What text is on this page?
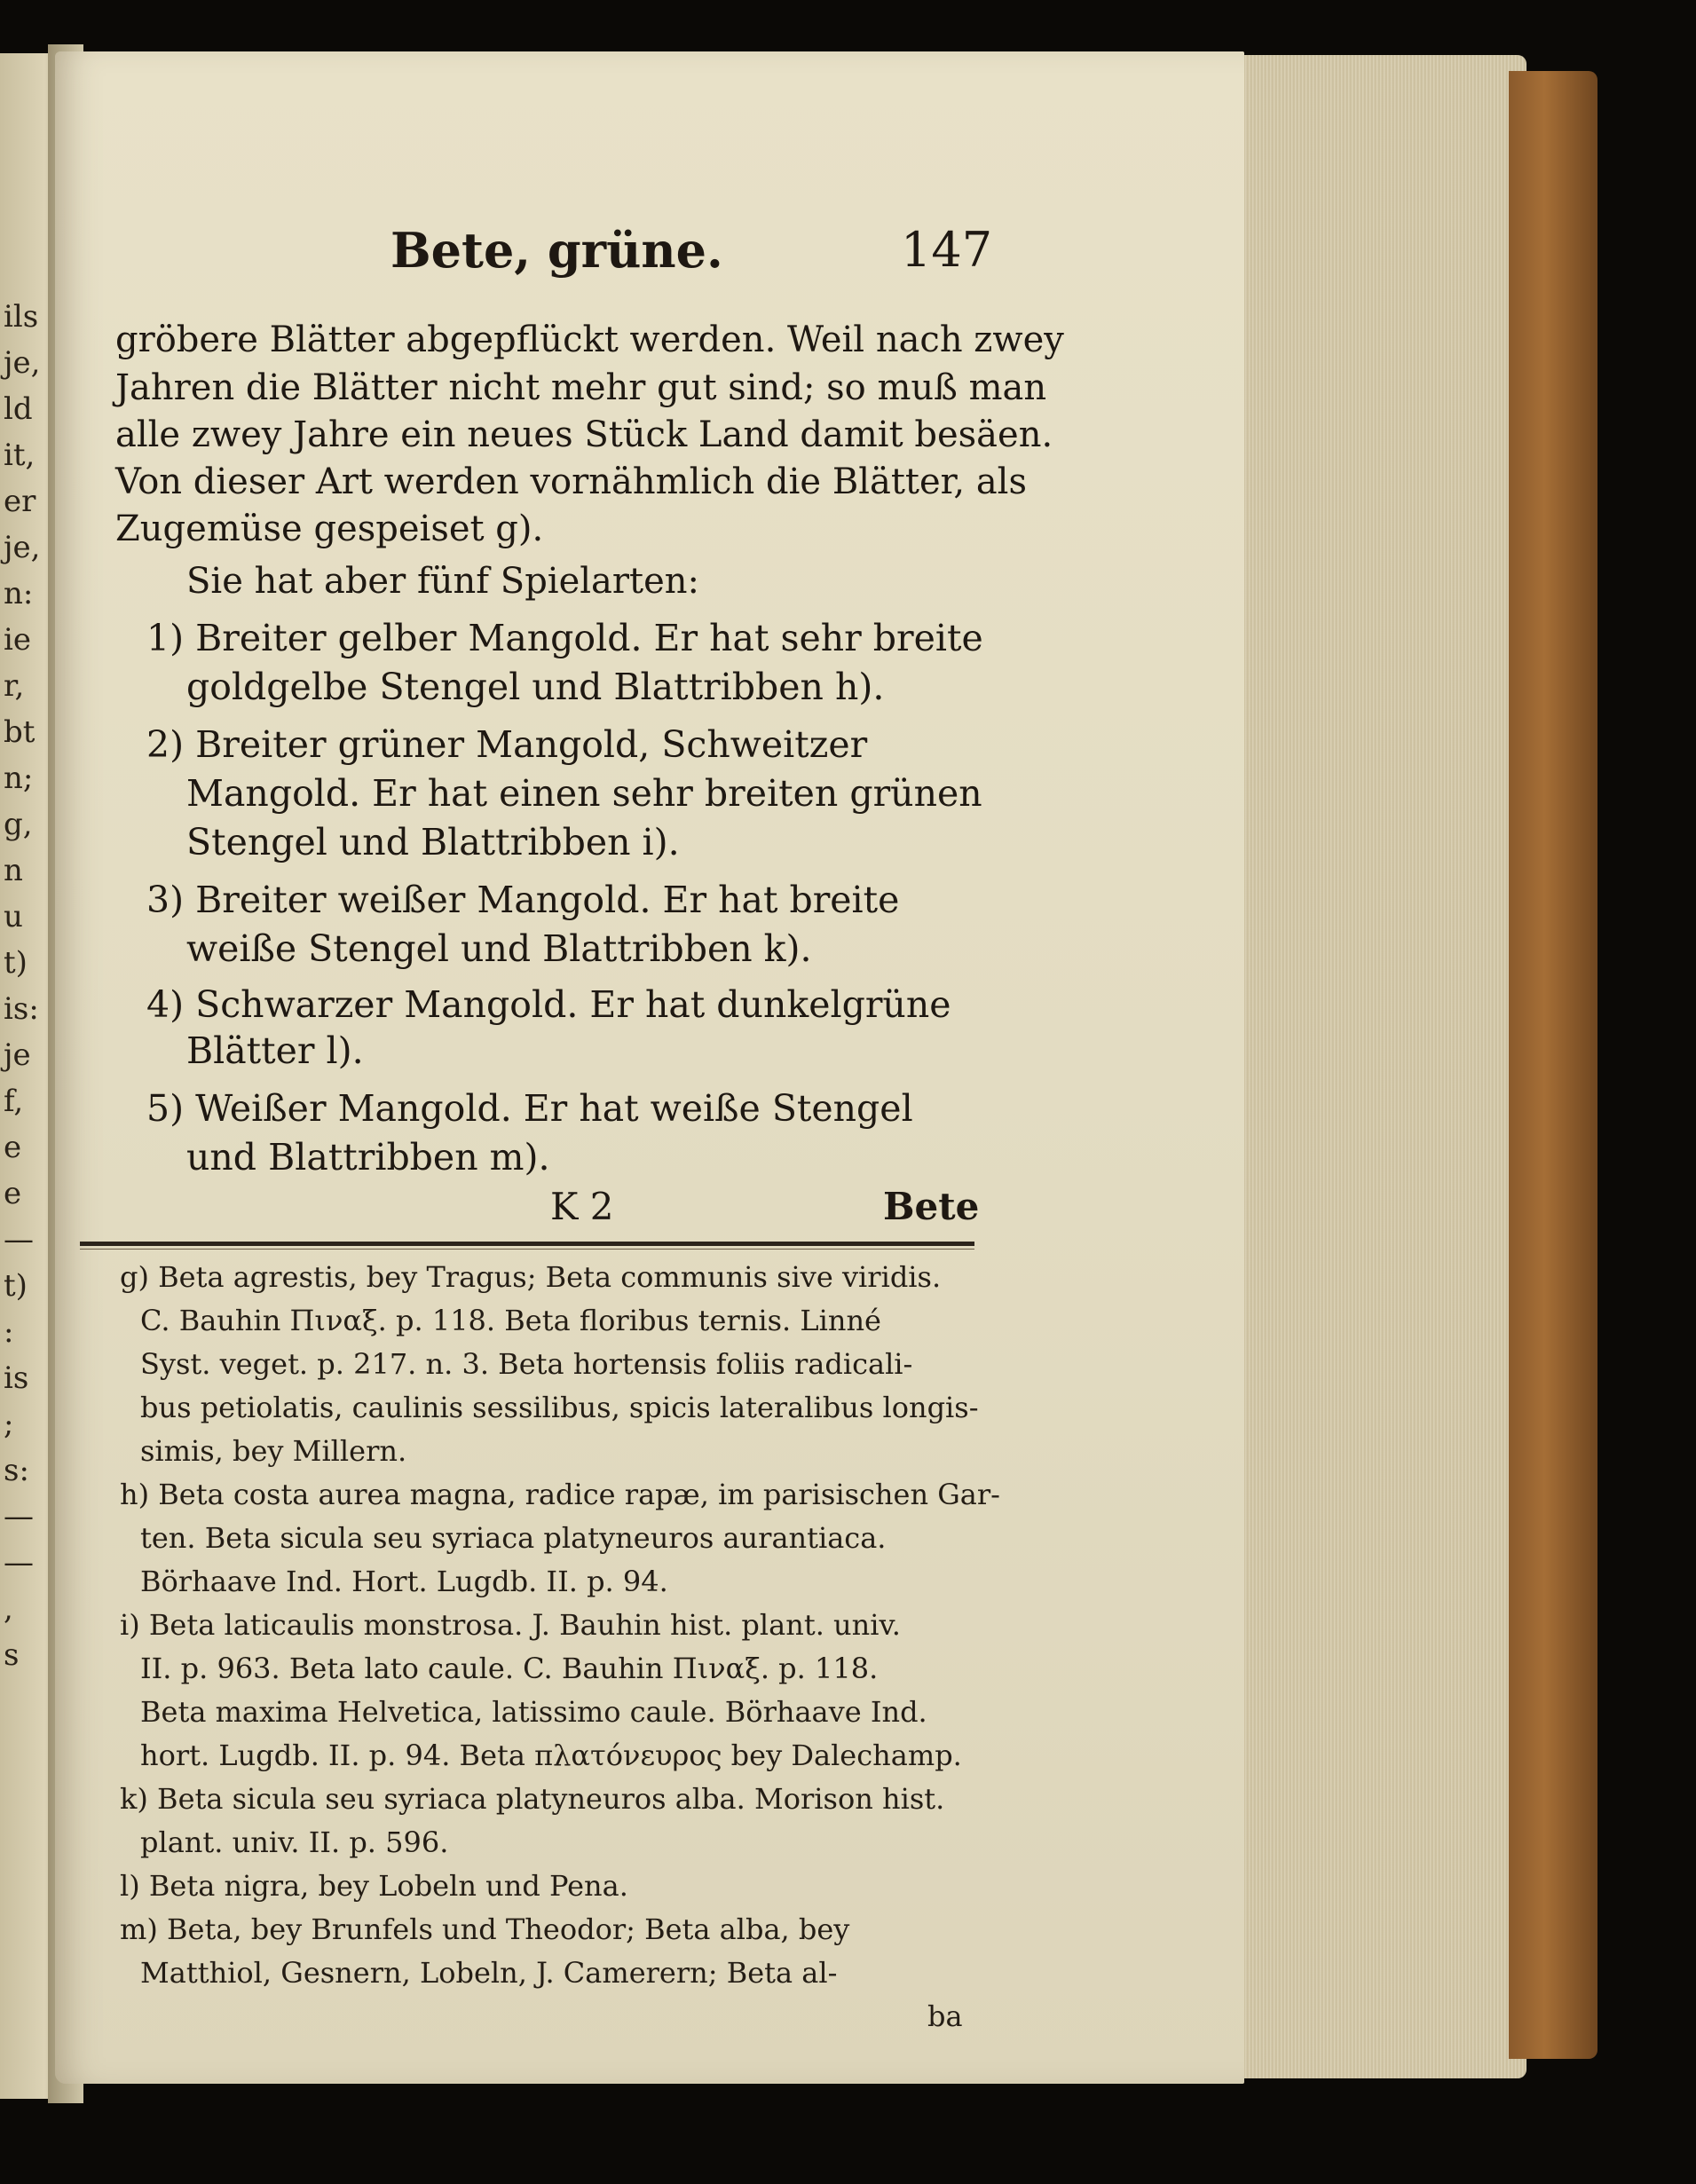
ils
je,
ld
it,
er
je,
n:
ie
r,
bt
n;
g,
n
u
t)
is:
je
f,
e
e
—
t)
:
is
;
s:
—
—
,
s
Bete, grüne.	147
gröbere Blätter abgepflückt werden. Weil nach zwey
Jahren die Blätter nicht mehr gut sind; so muß man
alle zwey Jahre ein neues Stück Land damit besäen.
Von dieser Art werden vornähmlich die Blätter, als
Zugemüse gespeiset g).
Sie hat aber fünf Spielarten:
1) Breiter gelber Mangold. Er hat sehr breite
goldgelbe Stengel und Blattribben h).
2) Breiter grüner Mangold, Schweitzer
Mangold. Er hat einen sehr breiten grünen
Stengel und Blattribben i).
3) Breiter weißer Mangold. Er hat breite
weiße Stengel und Blattribben k).
4) Schwarzer Mangold. Er hat dunkelgrüne
Blätter l).
5) Weißer Mangold. Er hat weiße Stengel
und Blattribben m).
K 2	Bete
g) Beta agrestis, bey Tragus; Beta communis sive viridis.
C. Bauhin Πιναξ. p. 118. Beta floribus ternis. Linné
Syst. veget. p. 217. n. 3. Beta hortensis foliis radicali-
bus petiolatis, caulinis sessilibus, spicis lateralibus longis-
simis, bey Millern.
h) Beta costa aurea magna, radice rapæ, im parisischen Gar-
ten. Beta sicula seu syriaca platyneuros aurantiaca.
Börhaave Ind. Hort. Lugdb. II. p. 94.
i) Beta laticaulis monstrosa. J. Bauhin hist. plant. univ.
II. p. 963. Beta lato caule. C. Bauhin Πιναξ. p. 118.
Beta maxima Helvetica, latissimo caule. Börhaave Ind.
hort. Lugdb. II. p. 94. Beta πλατόνευρος bey Dalechamp.
k) Beta sicula seu syriaca platyneuros alba. Morison hist.
plant. univ. II. p. 596.
l) Beta nigra, bey Lobeln und Pena.
m) Beta, bey Brunfels und Theodor; Beta alba, bey
Matthiol, Gesnern, Lobeln, J. Camerern; Beta al-
ba
